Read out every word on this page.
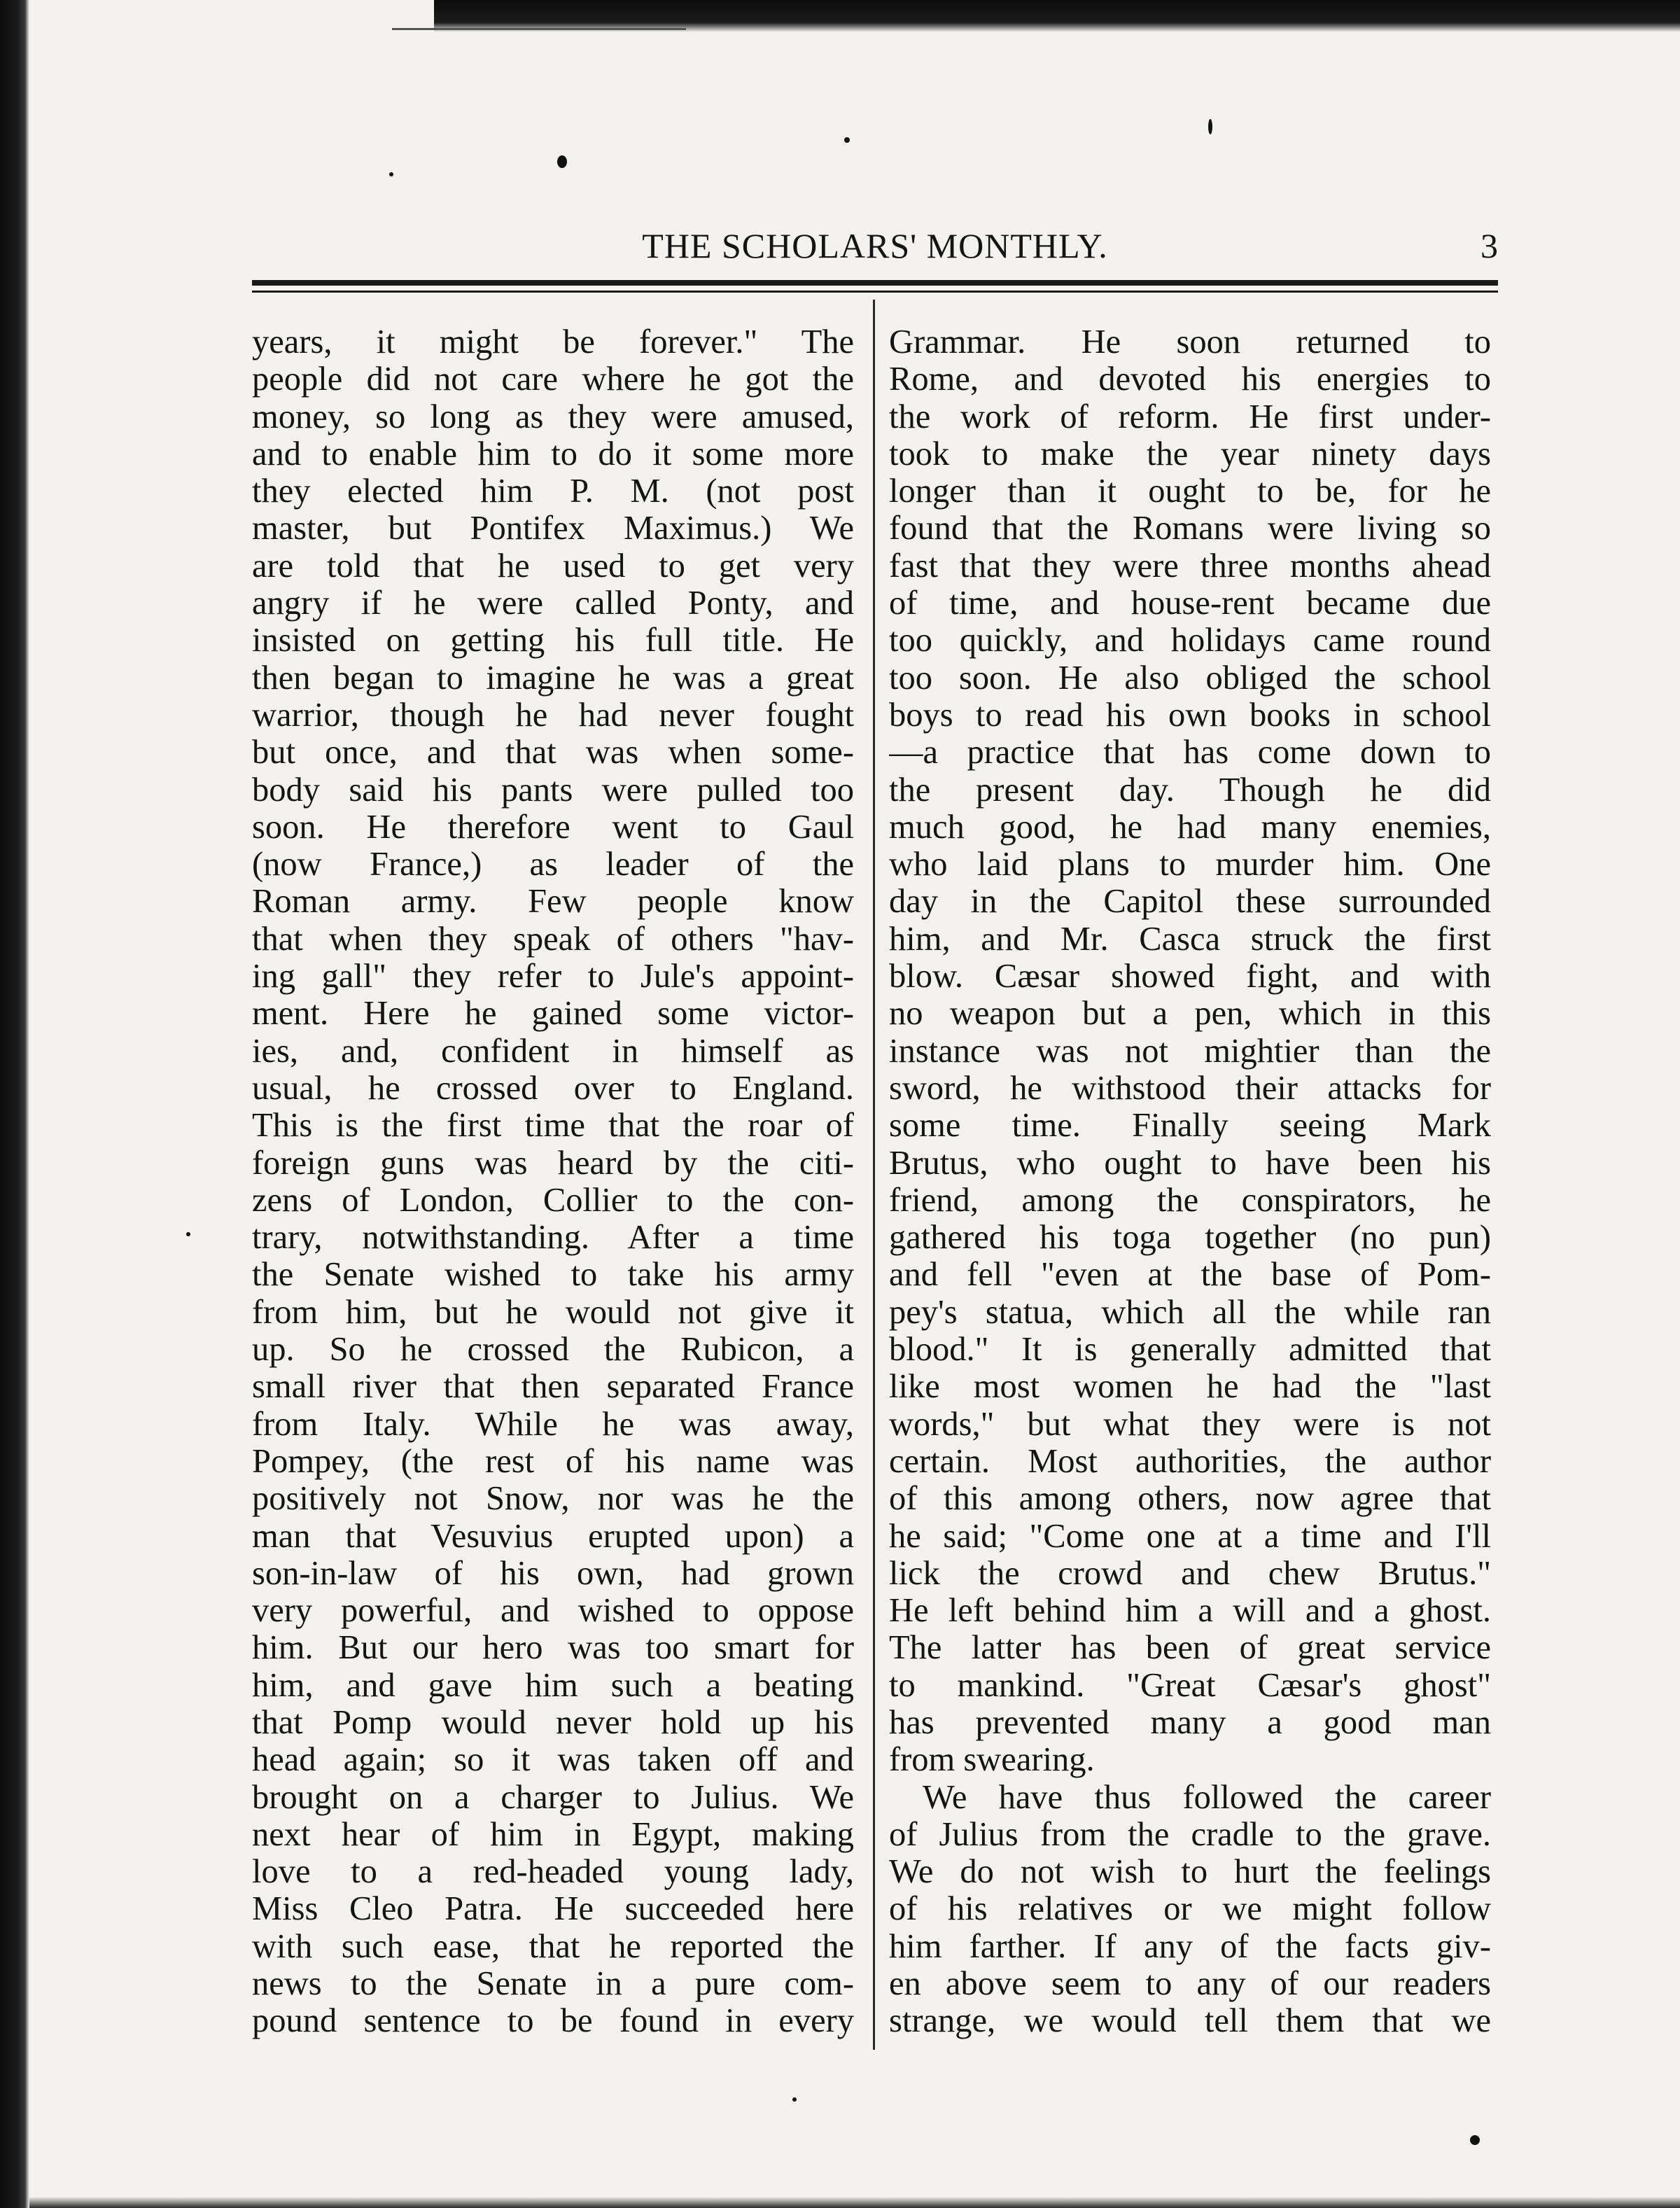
THE SCHOLARS' MONTHLY.	3
years, it might be forever." The
people did not care where he got the
money, so long as they were amused,
and to enable him to do it some more
they elected him P. M. (not post
master, but Pontifex Maximus.) We
are told that he used to get very
angry if he were called Ponty, and
insisted on getting his full title. He
then began to imagine he was a great
warrior, though he had never fought
but once, and that was when some-
body said his pants were pulled too
soon. He therefore went to Gaul
(now France,) as leader of the
Roman army. Few people know
that when they speak of others "hav-
ing gall" they refer to Jule's appoint-
ment. Here he gained some victor-
ies, and, confident in himself as
usual, he crossed over to England.
This is the first time that the roar of
foreign guns was heard by the citi-
zens of London, Collier to the con-
trary, notwithstanding. After a time
the Senate wished to take his army
from him, but he would not give it
up. So he crossed the Rubicon, a
small river that then separated France
from Italy. While he was away,
Pompey, (the rest of his name was
positively not Snow, nor was he the
man that Vesuvius erupted upon) a
son-in-law of his own, had grown
very powerful, and wished to oppose
him. But our hero was too smart for
him, and gave him such a beating
that Pomp would never hold up his
head again; so it was taken off and
brought on a charger to Julius. We
next hear of him in Egypt, making
love to a red-headed young lady,
Miss Cleo Patra. He succeeded here
with such ease, that he reported the
news to the Senate in a pure com-
pound sentence to be found in every
Grammar. He soon returned to
Rome, and devoted his energies to
the work of reform. He first under-
took to make the year ninety days
longer than it ought to be, for he
found that the Romans were living so
fast that they were three months ahead
of time, and house-rent became due
too quickly, and holidays came round
too soon. He also obliged the school
boys to read his own books in school
—a practice that has come down to
the present day. Though he did
much good, he had many enemies,
who laid plans to murder him. One
day in the Capitol these surrounded
him, and Mr. Casca struck the first
blow. Cæsar showed fight, and with
no weapon but a pen, which in this
instance was not mightier than the
sword, he withstood their attacks for
some time. Finally seeing Mark
Brutus, who ought to have been his
friend, among the conspirators, he
gathered his toga together (no pun)
and fell "even at the base of Pom-
pey's statua, which all the while ran
blood." It is generally admitted that
like most women he had the "last
words," but what they were is not
certain. Most authorities, the author
of this among others, now agree that
he said; "Come one at a time and I'll
lick the crowd and chew Brutus."
He left behind him a will and a ghost.
The latter has been of great service
to mankind. "Great Cæsar's ghost"
has prevented many a good man
from swearing.
We have thus followed the career
of Julius from the cradle to the grave.
We do not wish to hurt the feelings
of his relatives or we might follow
him farther. If any of the facts giv-
en above seem to any of our readers
strange, we would tell them that we
